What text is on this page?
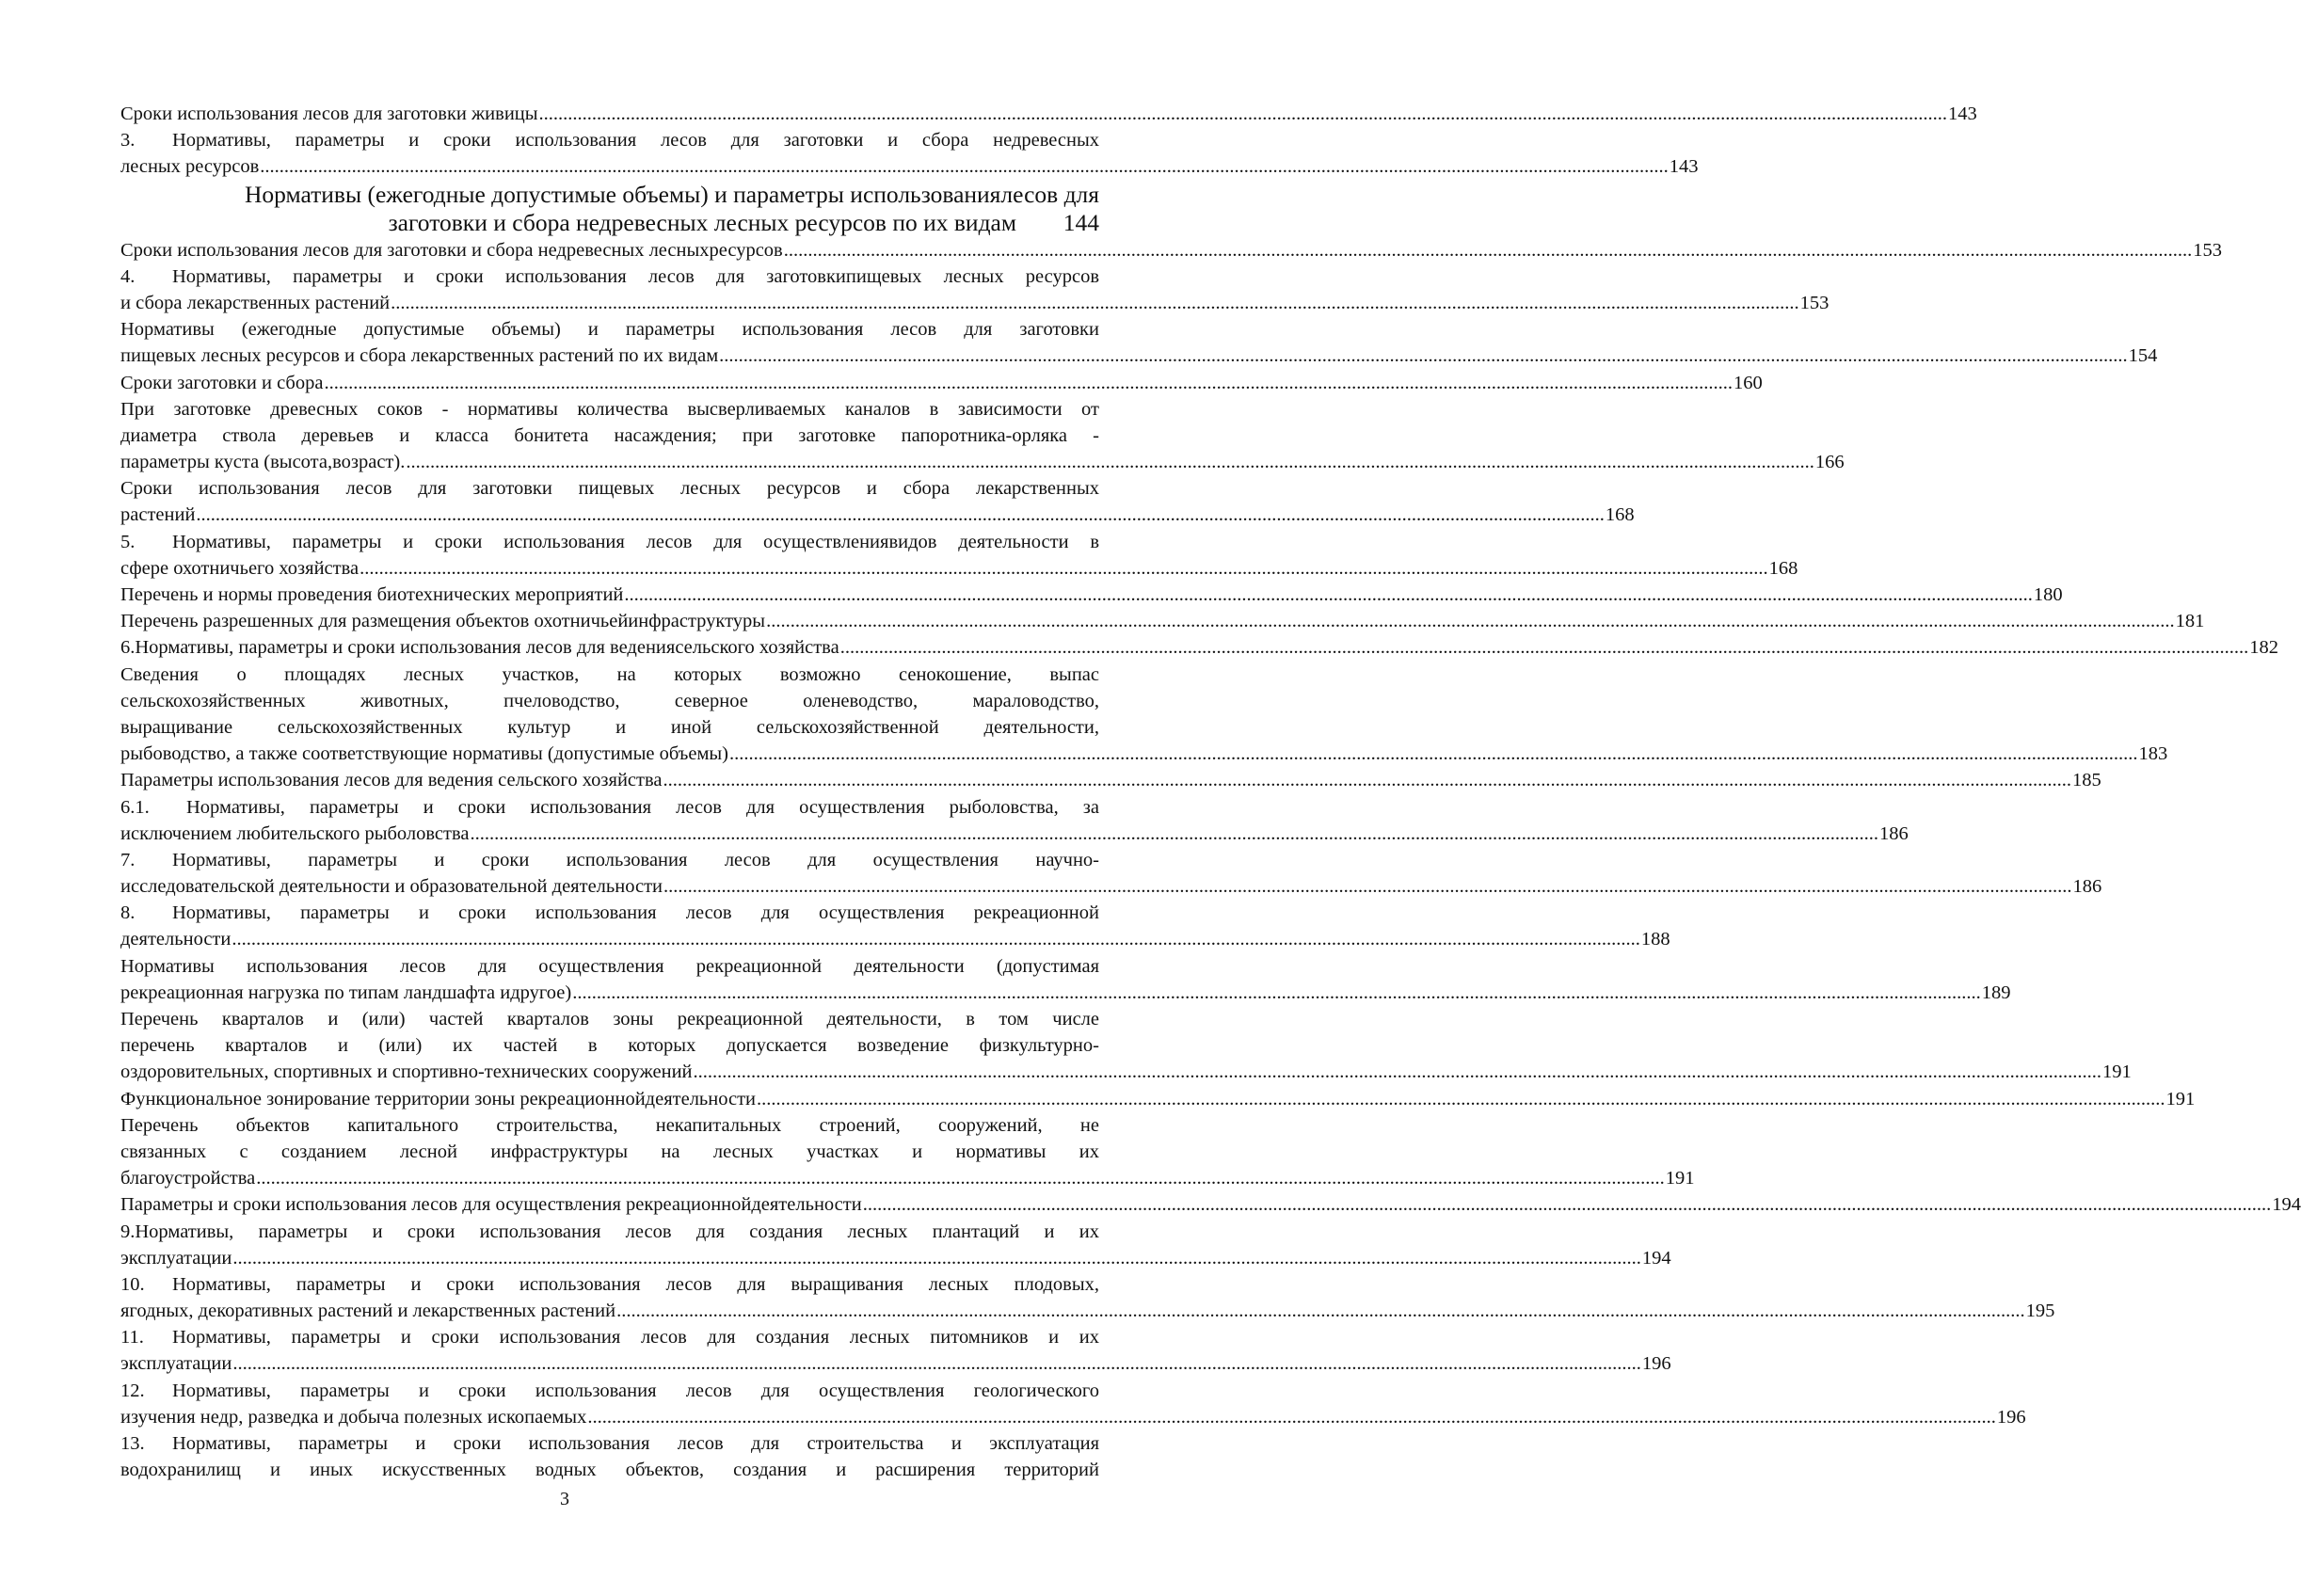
Сроки использования лесов для заготовки живицы .....	143
3. Нормативы, параметры и сроки использования лесов для заготовки и сбора недревесных
лесных ресурсов .....	143
Нормативы (ежегодные допустимые объемы) и параметры использованиялесов для
заготовки и сбора недревесных лесных ресурсов по их видам	144
Сроки использования лесов для заготовки и сбора недревесных лесныхресурсов .....	153
4. Нормативы, параметры и сроки использования лесов для заготовкипищевых лесных ресурсов
и сбора лекарственных растений .....	153
Нормативы (ежегодные допустимые объемы) и параметры использования лесов для заготовки
пищевых лесных ресурсов и сбора лекарственных растений по их видам .....	154
Сроки заготовки и сбора .....	160
При заготовке древесных соков - нормативы количества высверливаемых каналов в зависимости от
диаметра ствола деревьев и класса бонитета насаждения; при заготовке папоротника-орляка -
параметры куста (высота,возраст). .....	166
Сроки использования лесов для заготовки пищевых лесных ресурсов и сбора лекарственных
растений .....	168
5. Нормативы, параметры и сроки использования лесов для осуществлениявидов деятельности в
сфере охотничьего хозяйства .....	168
Перечень и нормы проведения биотехнических мероприятий .....	180
Перечень разрешенных для размещения объектов охотничьейинфраструктуры .....	181
6. Нормативы, параметры и сроки использования лесов для ведениясельского хозяйства .....	182
Сведения о площадях лесных участков, на которых возможно сенокошение, выпас
сельскохозяйственных животных, пчеловодство, северное оленеводство, мараловодство,
выращивание сельскохозяйственных культур и иной сельскохозяйственной деятельности,
рыбоводство, а также соответствующие нормативы (допустимые объемы) .....	183
Параметры использования лесов для ведения сельского хозяйства .....	185
6.1. Нормативы, параметры и сроки использования лесов для осуществления рыболовства, за
исключением любительского рыболовства .....	186
7. Нормативы, параметры и сроки использования лесов для осуществления научно-
исследовательской деятельности и образовательной деятельности .....	186
8. Нормативы, параметры и сроки использования лесов для осуществления рекреационной
деятельности .....	188
Нормативы использования лесов для осуществления рекреационной деятельности (допустимая
рекреационная нагрузка по типам ландшафта идругое) .....	189
Перечень кварталов и (или) частей кварталов зоны рекреационной деятельности, в том числе
перечень кварталов и (или) их частей в которых допускается возведение физкультурно-
оздоровительных, спортивных и спортивно-технических сооружений .....	191
Функциональное зонирование территории зоны рекреационнойдеятельности .....	191
Перечень объектов капитального строительства, некапитальных строений, сооружений, не
связанных с созданием лесной инфраструктуры на лесных участках и нормативы их
благоустройства .....	191
Параметры и сроки использования лесов для осуществления рекреационнойдеятельности .....	194
9.Нормативы, параметры и сроки использования лесов для создания лесных плантаций и их
эксплуатации .....	194
10. Нормативы, параметры и сроки использования лесов для выращивания лесных плодовых,
ягодных, декоративных растений и лекарственных растений .....	195
11. Нормативы, параметры и сроки использования лесов для создания лесных питомников и их
эксплуатации .....	196
12. Нормативы, параметры и сроки использования лесов для осуществления геологического
изучения недр, разведка и добыча полезных ископаемых .....	196
13. Нормативы, параметры и сроки использования лесов для строительства и эксплуатация
водохранилищ и иных искусственных водных объектов, создания и расширения территорий
3
